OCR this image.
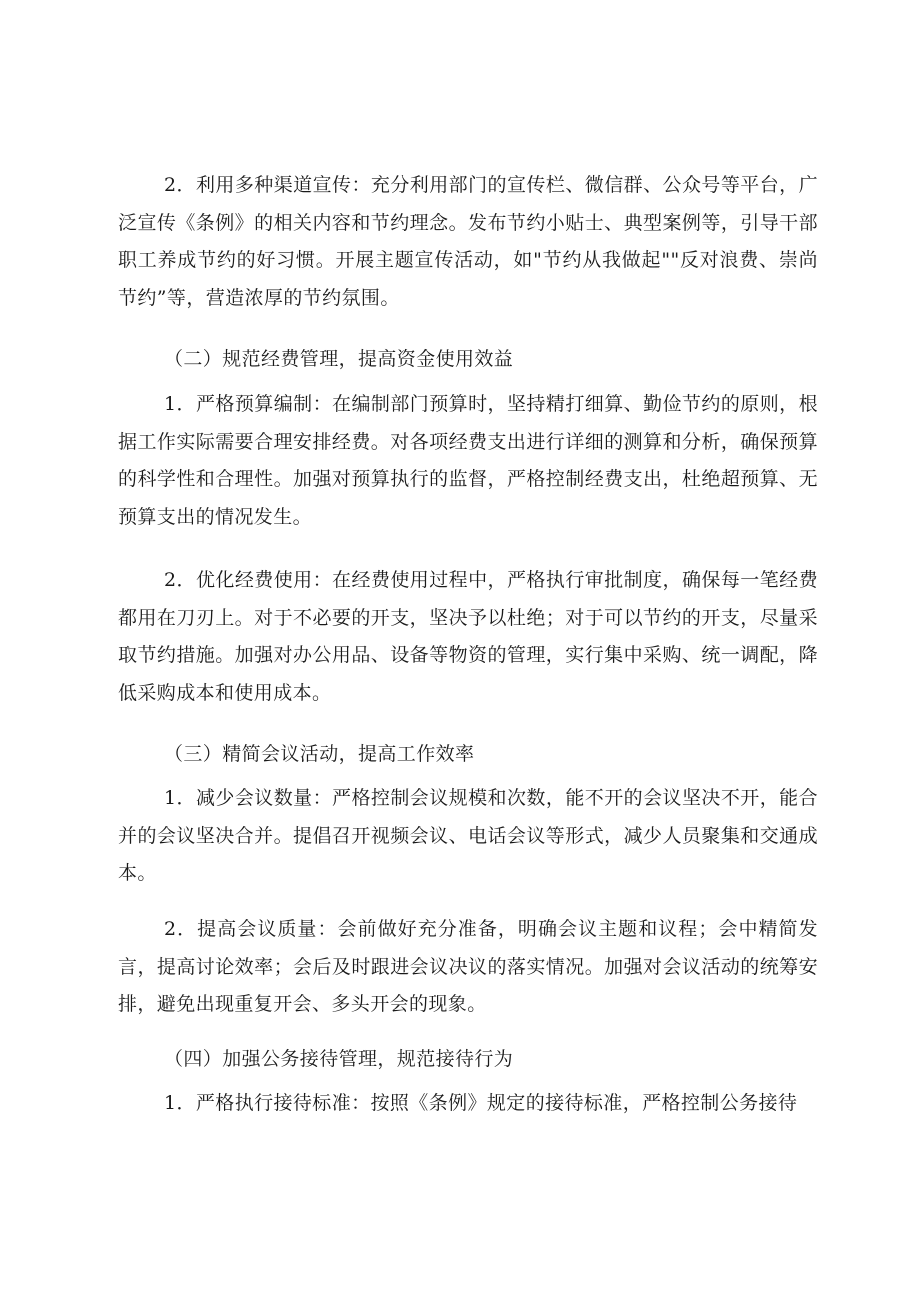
2．利用多种渠道宣传：充分利用部门的宣传栏、微信群、公众号等平台，广泛宣传《条例》的相关内容和节约理念。发布节约小贴士、典型案例等，引导干部职工养成节约的好习惯。开展主题宣传活动，如"节约从我做起""反对浪费、崇尚节约”等，营造浓厚的节约氛围。

（二）规范经费管理，提高资金使用效益

1．严格预算编制：在编制部门预算时，坚持精打细算、勤俭节约的原则，根据工作实际需要合理安排经费。对各项经费支出进行详细的测算和分析，确保预算的科学性和合理性。加强对预算执行的监督，严格控制经费支出，杜绝超预算、无预算支出的情况发生。

2．优化经费使用：在经费使用过程中，严格执行审批制度，确保每一笔经费都用在刀刃上。对于不必要的开支，坚决予以杜绝；对于可以节约的开支，尽量采取节约措施。加强对办公用品、设备等物资的管理，实行集中采购、统一调配，降低采购成本和使用成本。

（三）精简会议活动，提高工作效率

1．减少会议数量：严格控制会议规模和次数，能不开的会议坚决不开，能合并的会议坚决合并。提倡召开视频会议、电话会议等形式，减少人员聚集和交通成本。

2．提高会议质量：会前做好充分准备，明确会议主题和议程；会中精简发言，提高讨论效率；会后及时跟进会议决议的落实情况。加强对会议活动的统筹安排，避免出现重复开会、多头开会的现象。

（四）加强公务接待管理，规范接待行为

1．严格执行接待标准：按照《条例》规定的接待标准，严格控制公务接待
